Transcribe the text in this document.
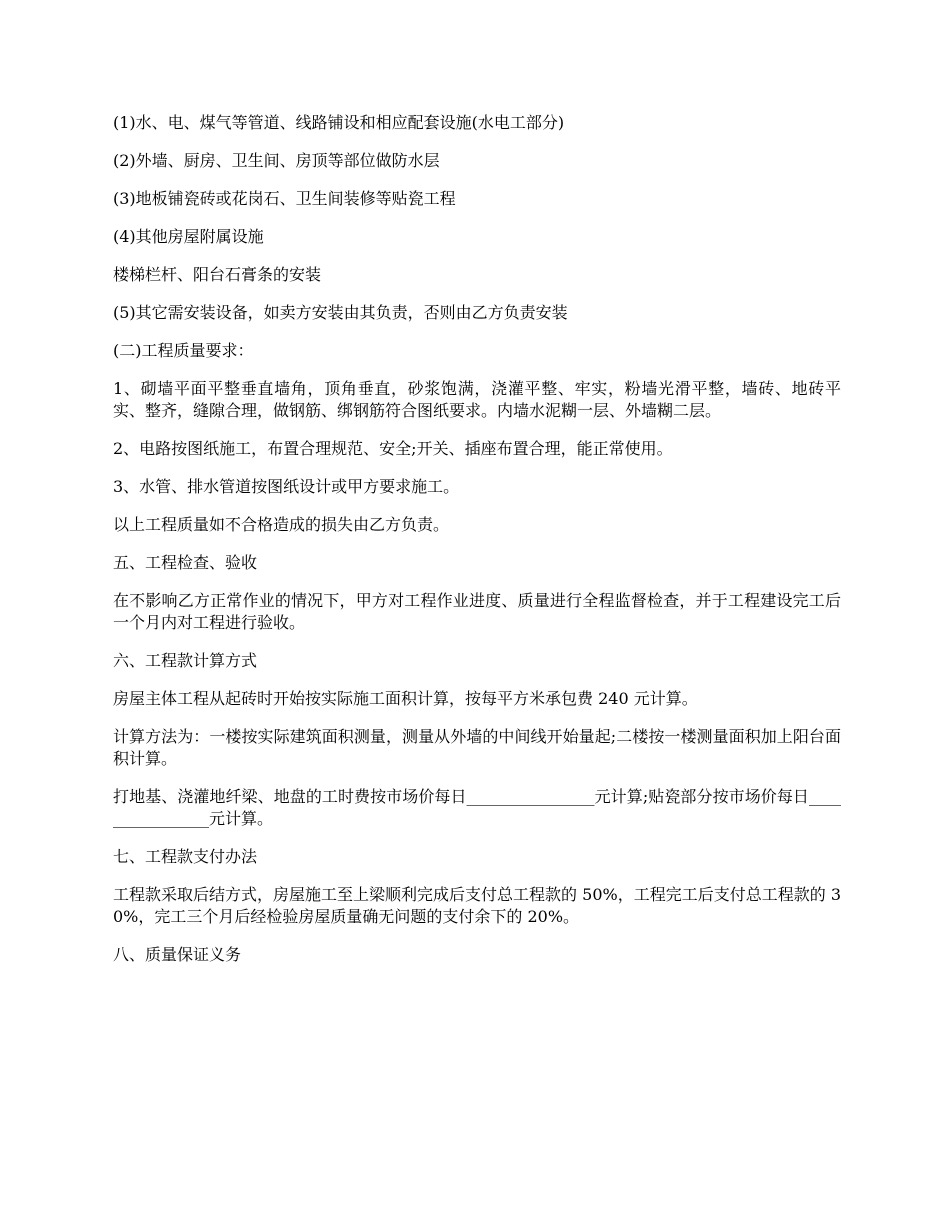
(1)水、电、煤气等管道、线路铺设和相应配套设施(水电工部分)

(2)外墙、厨房、卫生间、房顶等部位做防水层

(3)地板铺瓷砖或花岗石、卫生间装修等贴瓷工程

(4)其他房屋附属设施

楼梯栏杆、阳台石膏条的安装

(5)其它需安装设备，如卖方安装由其负责，否则由乙方负责安装

(二)工程质量要求：

1、砌墙平面平整垂直墙角，顶角垂直，砂浆饱满，浇灌平整、牢实，粉墙光滑平整，墙砖、地砖平实、整齐，缝隙合理，做钢筋、绑钢筋符合图纸要求。内墙水泥糊一层、外墙糊二层。

2、电路按图纸施工，布置合理规范、安全;开关、插座布置合理，能正常使用。

3、水管、排水管道按图纸设计或甲方要求施工。

以上工程质量如不合格造成的损失由乙方负责。

五、工程检查、验收

在不影响乙方正常作业的情况下，甲方对工程作业进度、质量进行全程监督检查，并于工程建设完工后一个月内对工程进行验收。

六、工程款计算方式

房屋主体工程从起砖时开始按实际施工面积计算，按每平方米承包费 240 元计算。

计算方法为：一楼按实际建筑面积测量，测量从外墙的中间线开始量起;二楼按一楼测量面积加上阳台面积计算。

打地基、浇灌地纤梁、地盘的工时费按市场价每日________________元计算;贴瓷部分按市场价每日________________元计算。

七、工程款支付办法

工程款采取后结方式，房屋施工至上梁顺利完成后支付总工程款的 50%，工程完工后支付总工程款的 30%，完工三个月后经检验房屋质量确无问题的支付余下的 20%。

八、质量保证义务
